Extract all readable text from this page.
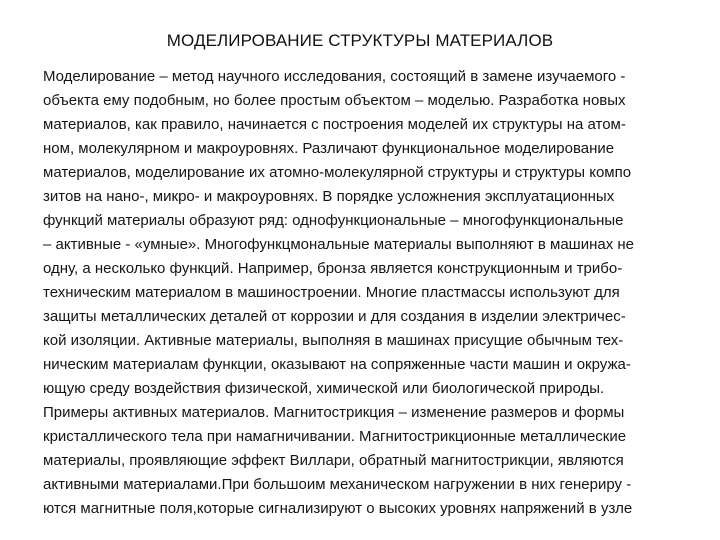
МОДЕЛИРОВАНИЕ СТРУКТУРЫ МАТЕРИАЛОВ
Моделирование – метод научного исследования, состоящий в замене изучаемого -
объекта ему подобным, но более простым объектом – моделью. Разработка новых
материалов, как правило, начинается с построения моделей их структуры на атом-
ном, молекулярном и макроуровнях. Различают функциональное моделирование
материалов, моделирование их атомно-молекулярной структуры и структуры компо
зитов на нано-, микро- и макроуровнях. В порядке усложнения эксплуатационных
функций материалы образуют ряд: однофункциональные – многофункциональные
– активные - «умные». Многофункцмональные материалы выполняют в машинах не
одну, а несколько функций. Например, бронза является конструкционным и трибо-
техническим материалом в машиностроении. Многие пластмассы используют для
защиты металлических деталей от коррозии и для создания в изделии электричес-
кой изоляции. Активные материалы, выполняя в машинах присущие обычным тех-
ническим материалам функции, оказывают на сопряженные части машин и окружа-
ющую среду воздействия физической, химической или биологической природы.
Примеры активных материалов. Магнитострикция – изменение размеров и формы
кристаллического тела при намагничивании. Магнитострикционные металлические
материалы, проявляющие эффект Виллари, обратный магнитострикции, являются
активными материалами.При большоим механическом нагружении в них генериру -
ются магнитные поля,которые сигнализируют о высоких уровнях напряжений в узле
